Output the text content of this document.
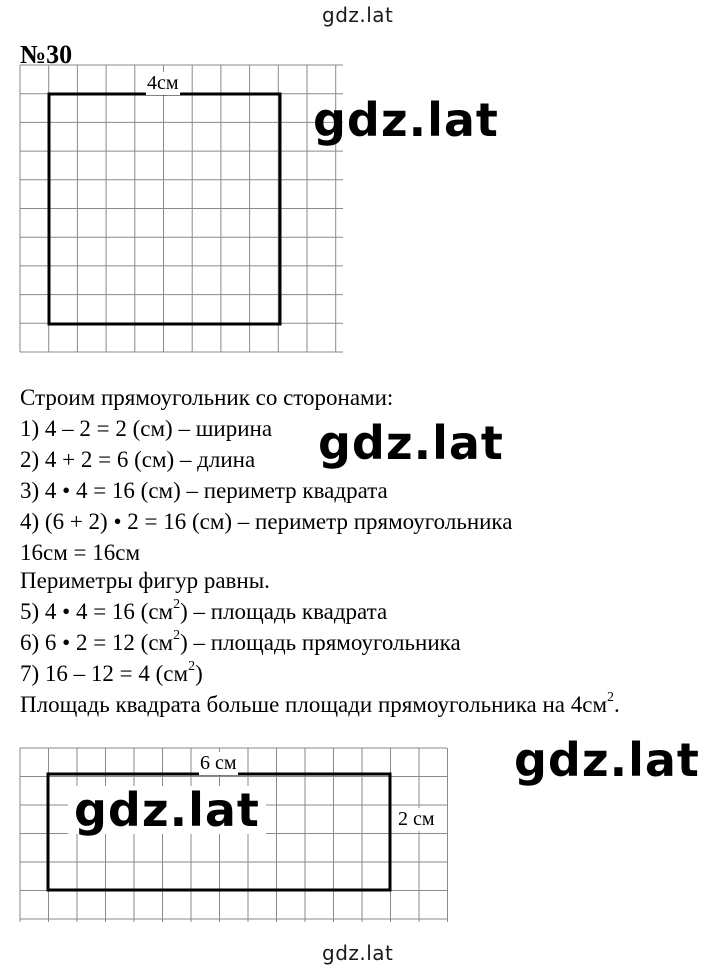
gdz.lat
№30
4см
gdz.lat
Строим прямоугольник со сторонами:
1) 4 – 2 = 2 (см) – ширина
2) 4 + 2 = 6 (см) – длина
3) 4 • 4 = 16 (см) – периметр квадрата
4) (6 + 2) • 2 = 16 (см) – периметр прямоугольника
16см = 16см
Периметры фигур равны.
5) 4 • 4 = 16 $(см^2)$ – площадь квадрата
6) 6 • 2 = 12 $(см^2)$ – площадь прямоугольника
7) 16 – 12 = 4 $(см^2)$
Площадь квадрата больше площади прямоугольника на $4см^2$.
gdz.lat
6 см
2 см
gdz.lat
gdz.lat
gdz.lat
